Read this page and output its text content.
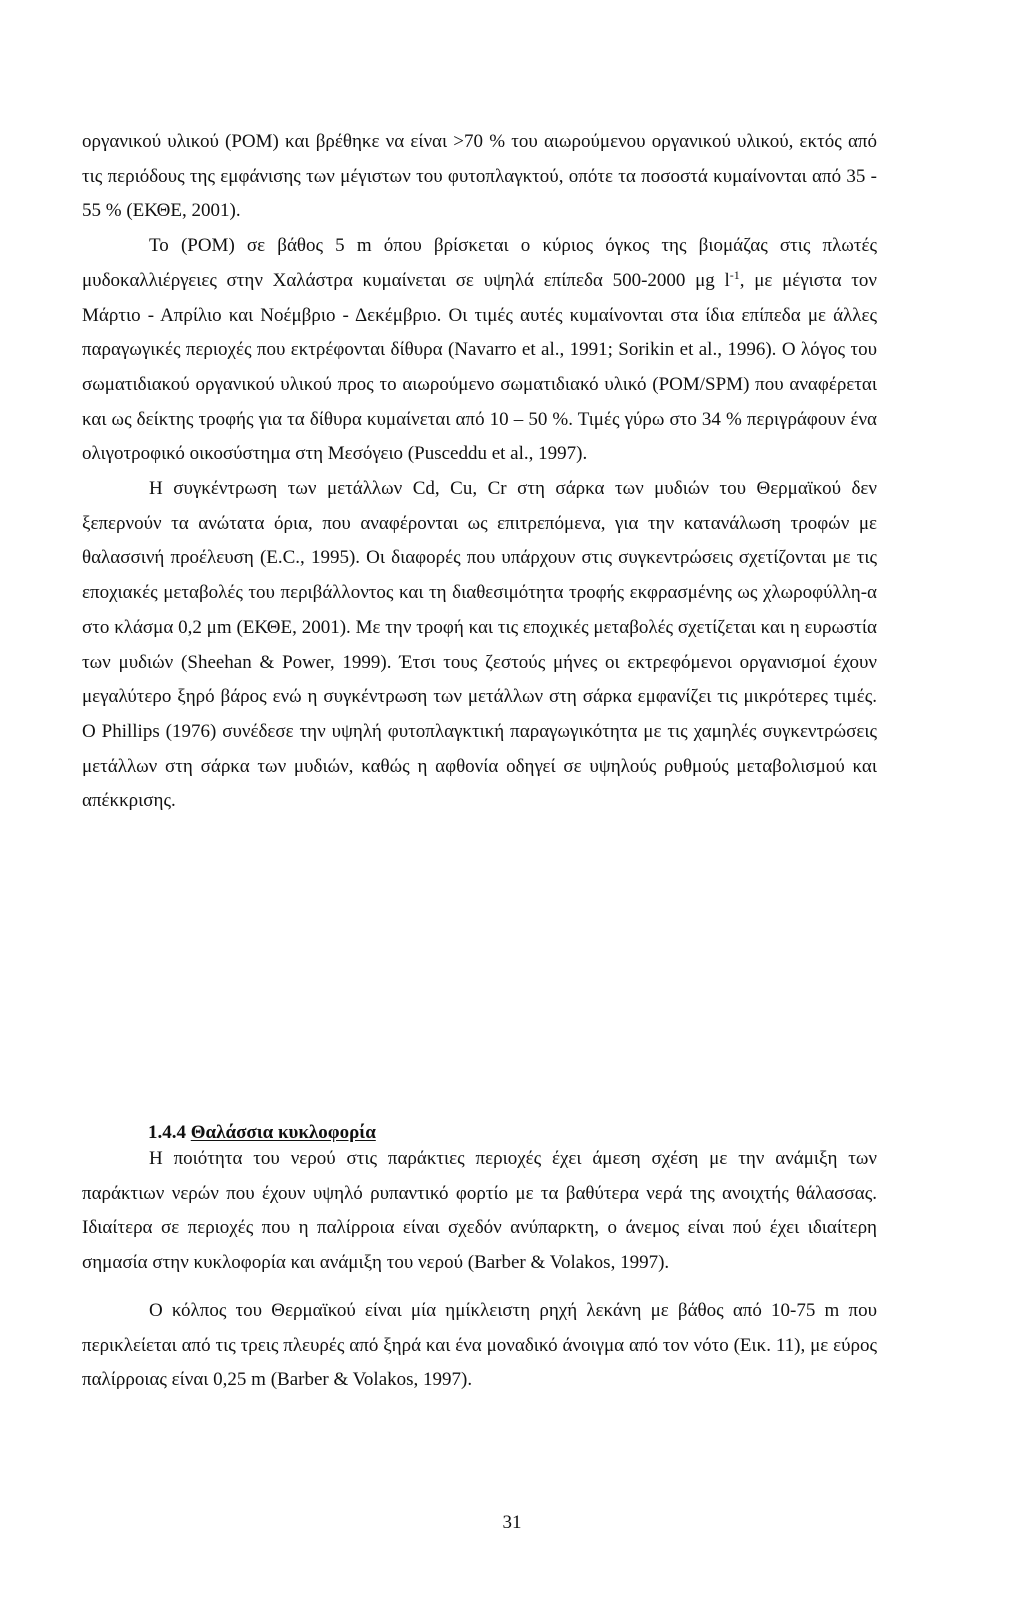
οργανικού υλικού (POM) και βρέθηκε να είναι >70 % του αιωρούμενου οργανικού υλικού, εκτός από τις περιόδους της εμφάνισης των μέγιστων του φυτοπλαγκτού, οπότε τα ποσοστά κυμαίνονται από 35 - 55 % (ΕΚΘΕ, 2001).

Το (POM) σε βάθος 5 m όπου βρίσκεται ο κύριος όγκος της βιομάζας στις πλωτές μυδοκαλλιέργειες στην Χαλάστρα κυμαίνεται σε υψηλά επίπεδα 500-2000 μg $l^{-1}$, με μέγιστα τον Μάρτιο - Απρίλιο και Νοέμβριο - Δεκέμβριο. Οι τιμές αυτές κυμαίνονται στα ίδια επίπεδα με άλλες παραγωγικές περιοχές που εκτρέφονται δίθυρα (Navarro et al., 1991; Sorikin et al., 1996). Ο λόγος του σωματιδιακού οργανικού υλικού προς το αιωρούμενο σωματιδιακό υλικό (POM/SPM) που αναφέρεται και ως δείκτης τροφής για τα δίθυρα κυμαίνεται από 10 – 50 %. Τιμές γύρω στο 34 % περιγράφουν ένα ολιγοτροφικό οικοσύστημα στη Μεσόγειο (Pusceddu et al., 1997).

Η συγκέντρωση των μετάλλων Cd, Cu, Cr στη σάρκα των μυδιών του Θερμαϊκού δεν ξεπερνούν τα ανώτατα όρια, που αναφέρονται ως επιτρεπόμενα, για την κατανάλωση τροφών με θαλασσινή προέλευση (E.C., 1995). Οι διαφορές που υπάρχουν στις συγκεντρώσεις σχετίζονται με τις εποχιακές μεταβολές του περιβάλλοντος και τη διαθεσιμότητα τροφής εκφρασμένης ως χλωροφύλλη-α στο κλάσμα 0,2 μm (ΕΚΘΕ, 2001). Με την τροφή και τις εποχικές μεταβολές σχετίζεται και η ευρωστία των μυδιών (Sheehan & Power, 1999). Έτσι τους ζεστούς μήνες οι εκτρεφόμενοι οργανισμοί έχουν μεγαλύτερο ξηρό βάρος ενώ η συγκέντρωση των μετάλλων στη σάρκα εμφανίζει τις μικρότερες τιμές. Ο Phillips (1976) συνέδεσε την υψηλή φυτοπλαγκτική παραγωγικότητα με τις χαμηλές συγκεντρώσεις μετάλλων στη σάρκα των μυδιών, καθώς η αφθονία οδηγεί σε υψηλούς ρυθμούς μεταβολισμού και απέκκρισης.

1.4.4 Θαλάσσια κυκλοφορία

Η ποιότητα του νερού στις παράκτιες περιοχές έχει άμεση σχέση με την ανάμιξη των παράκτιων νερών που έχουν υψηλό ρυπαντικό φορτίο με τα βαθύτερα νερά της ανοιχτής θάλασσας. Ιδιαίτερα σε περιοχές που η παλίρροια είναι σχεδόν ανύπαρκτη, ο άνεμος είναι πού έχει ιδιαίτερη σημασία στην κυκλοφορία και ανάμιξη του νερού (Barber & Volakos, 1997).

Ο κόλπος του Θερμαϊκού είναι μία ημίκλειστη ρηχή λεκάνη με βάθος από 10-75 m που περικλείεται από τις τρεις πλευρές από ξηρά και ένα μοναδικό άνοιγμα από τον νότο (Εικ. 11), με εύρος παλίρροιας είναι 0,25 m (Barber & Volakos, 1997).

31
